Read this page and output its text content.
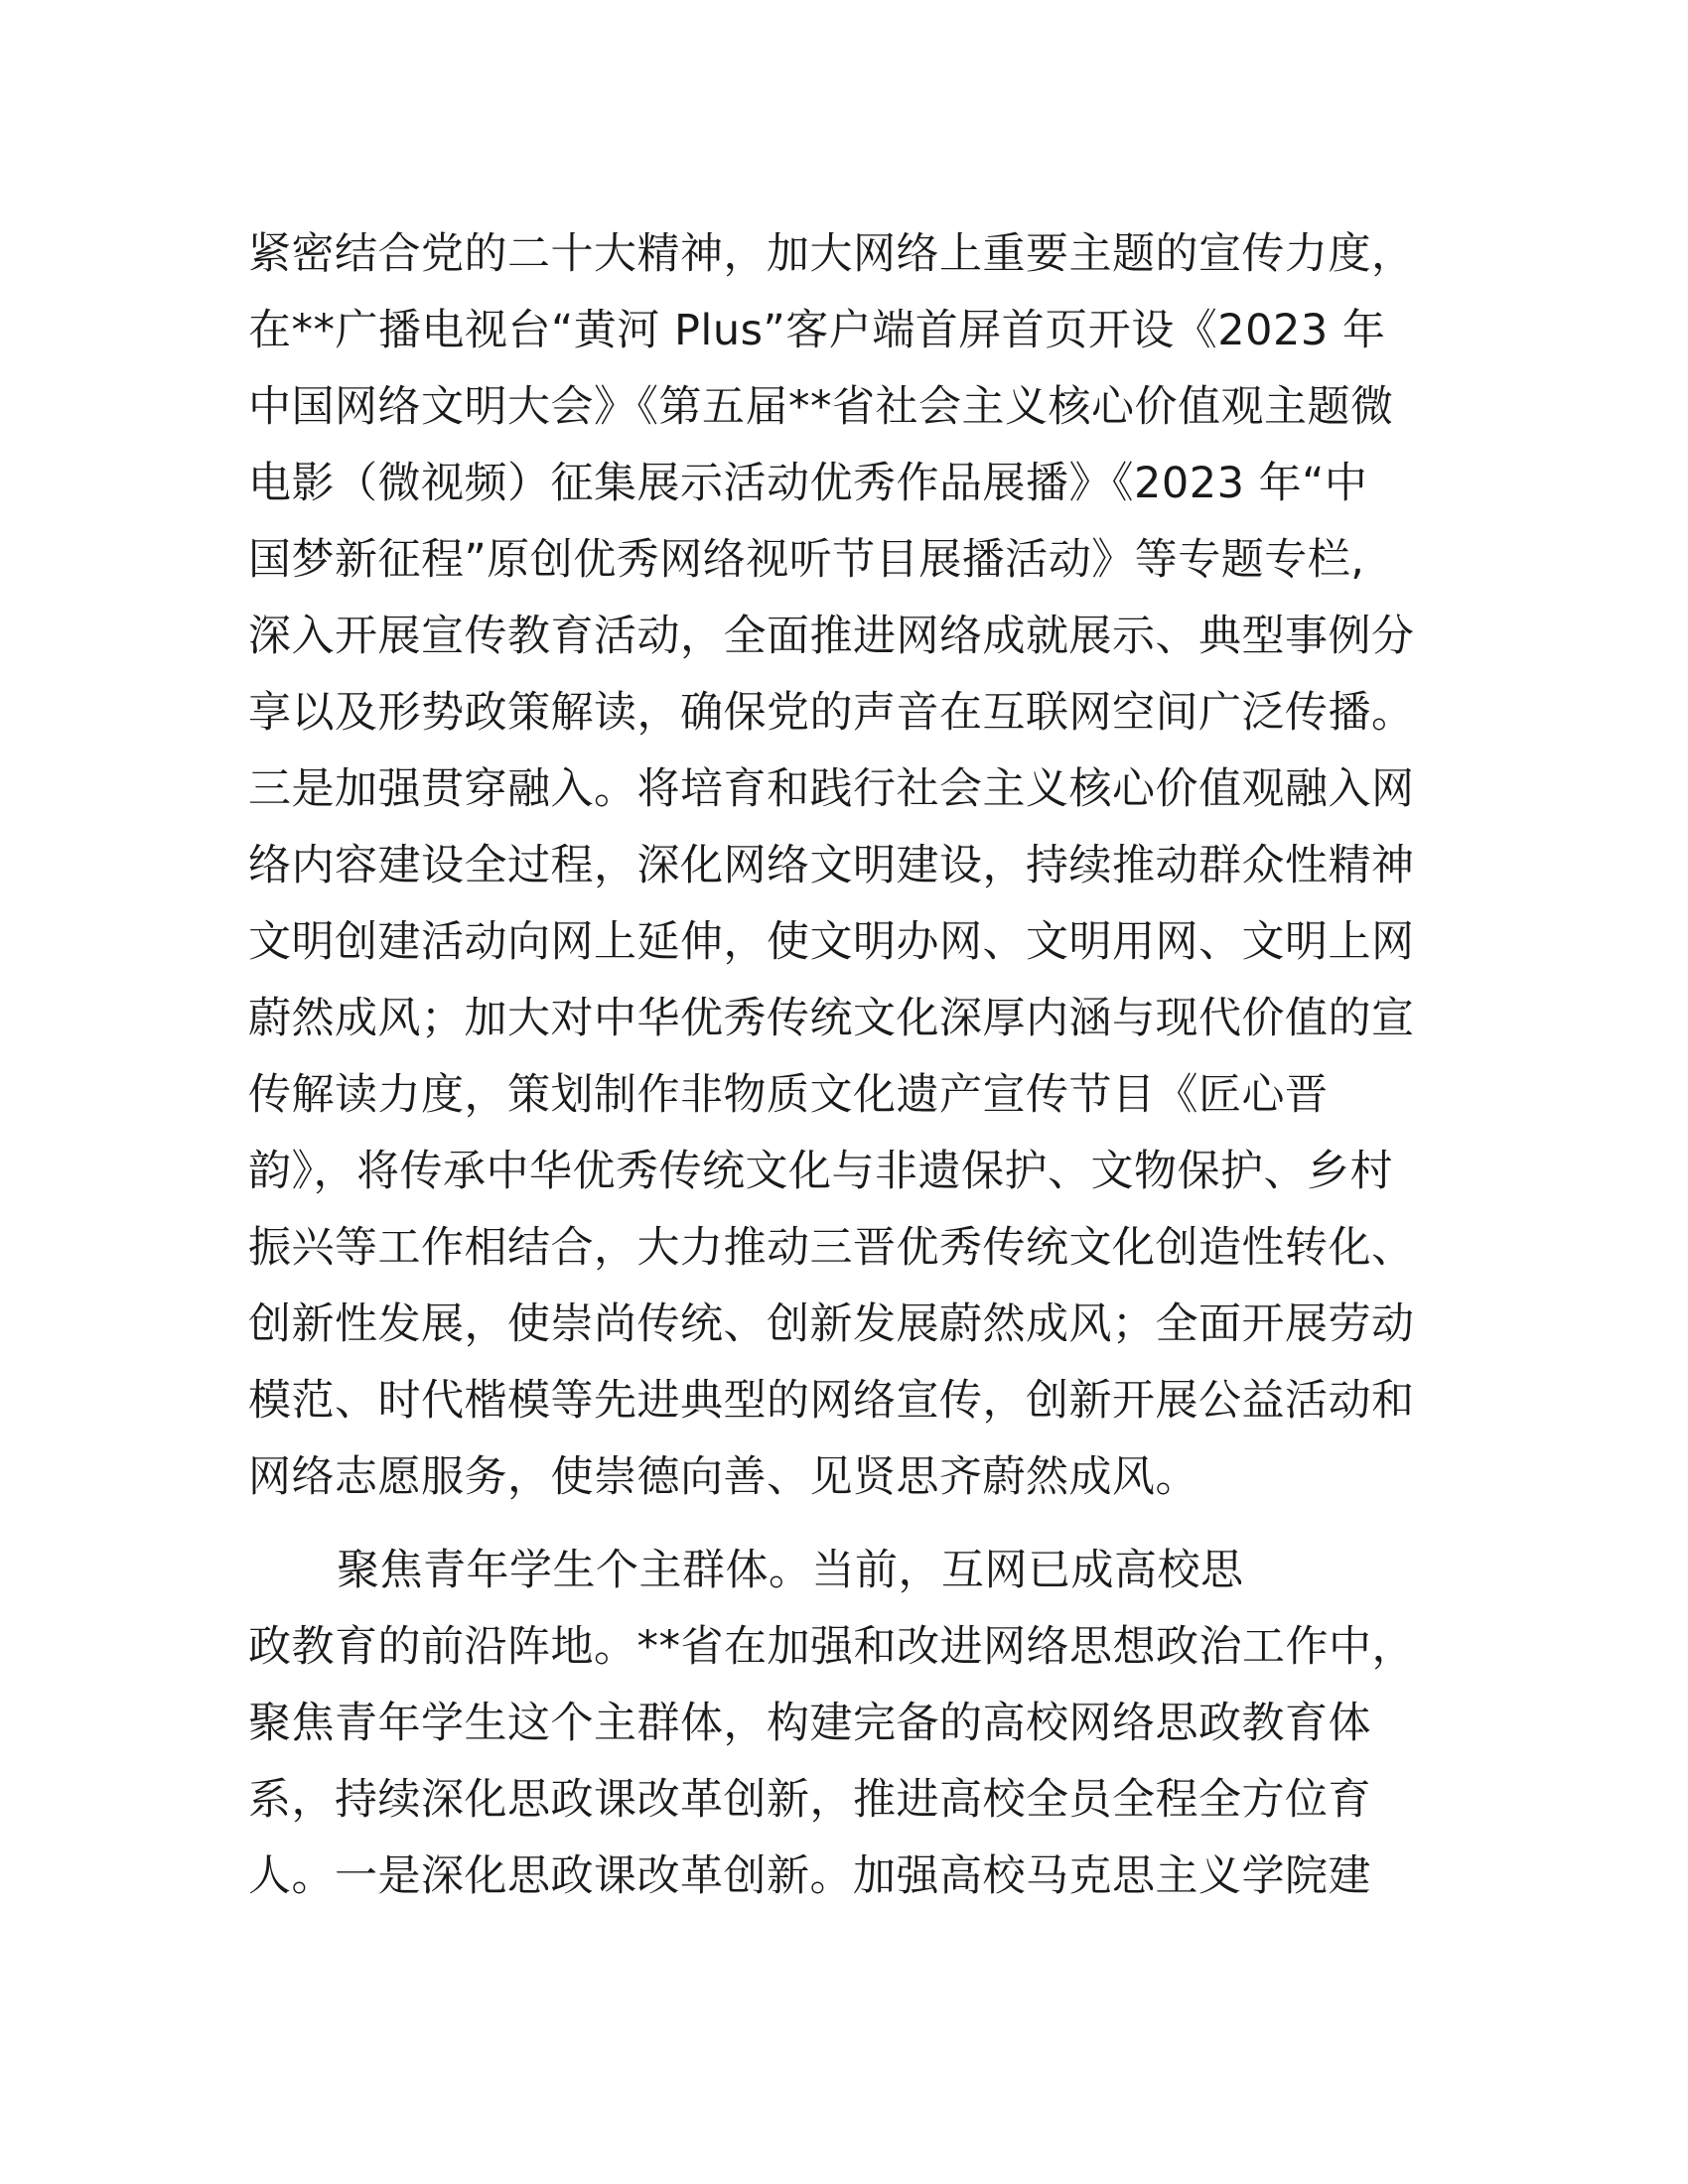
紧密结合党的二十大精神，加大网络上重要主题的宣传力度，
在**广播电视台“黄河 Plus”客户端首屏首页开设《2023 年
中国网络文明大会》《第五届**省社会主义核心价值观主题微
电影（微视频）征集展示活动优秀作品展播》《2023 年“中
国梦新征程”原创优秀网络视听节目展播活动》等专题专栏,
深入开展宣传教育活动，全面推进网络成就展示、典型事例分
享以及形势政策解读，确保党的声音在互联网空间广泛传播。
三是加强贯穿融入。将培育和践行社会主义核心价值观融入网
络内容建设全过程，深化网络文明建设，持续推动群众性精神
文明创建活动向网上延伸，使文明办网、文明用网、文明上网
蔚然成风；加大对中华优秀传统文化深厚内涵与现代价值的宣
传解读力度，策划制作非物质文化遗产宣传节目《匠心晋
韵》，将传承中华优秀传统文化与非遗保护、文物保护、乡村
振兴等工作相结合，大力推动三晋优秀传统文化创造性转化、
创新性发展，使崇尚传统、创新发展蔚然成风；全面开展劳动
模范、时代楷模等先进典型的网络宣传，创新开展公益活动和
网络志愿服务，使崇德向善、见贤思齐蔚然成风。
聚焦青年学生个主群体。当前，互网已成高校思
政教育的前沿阵地。**省在加强和改进网络思想政治工作中，
聚焦青年学生这个主群体，构建完备的高校网络思政教育体
系，持续深化思政课改革创新，推进高校全员全程全方位育
人。一是深化思政课改革创新。加强高校马克思主义学院建
